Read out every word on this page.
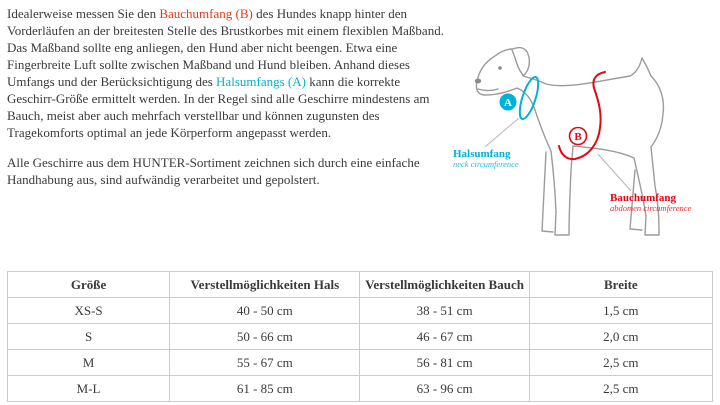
Idealerweise messen Sie den Bauchumfang (B) des Hundes knapp hinter den Vorderläufen an der breitesten Stelle des Brustkorbes mit einem flexiblen Maßband. Das Maßband sollte eng anliegen, den Hund aber nicht beengen. Etwa eine Fingerbreite Luft sollte zwischen Maßband und Hund bleiben. Anhand dieses Umfangs und der Berücksichtigung des Halsumfangs (A) kann die korrekte Geschirr-Größe ermittelt werden. In der Regel sind alle Geschirre mindestens am Bauch, meist aber auch mehrfach verstellbar und können zugunsten des Tragekomforts optimal an jede Körperform angepasst werden.

Alle Geschirre aus dem HUNTER-Sortiment zeichnen sich durch eine einfache Handhabung aus, sind aufwändig verarbeitet und gepolstert.

A
B
Halsumfang
neck circumference
Bauchumfang
abdomen circumference
Größe	Verstellmöglichkeiten Hals	Verstellmöglichkeiten Bauch	Breite
XS-S	40 - 50 cm	38 - 51 cm	1,5 cm
S	50 - 66 cm	46 - 67 cm	2,0 cm
M	55 - 67 cm	56 - 81 cm	2,5 cm
M-L	61 - 85 cm	63 - 96 cm	2,5 cm
